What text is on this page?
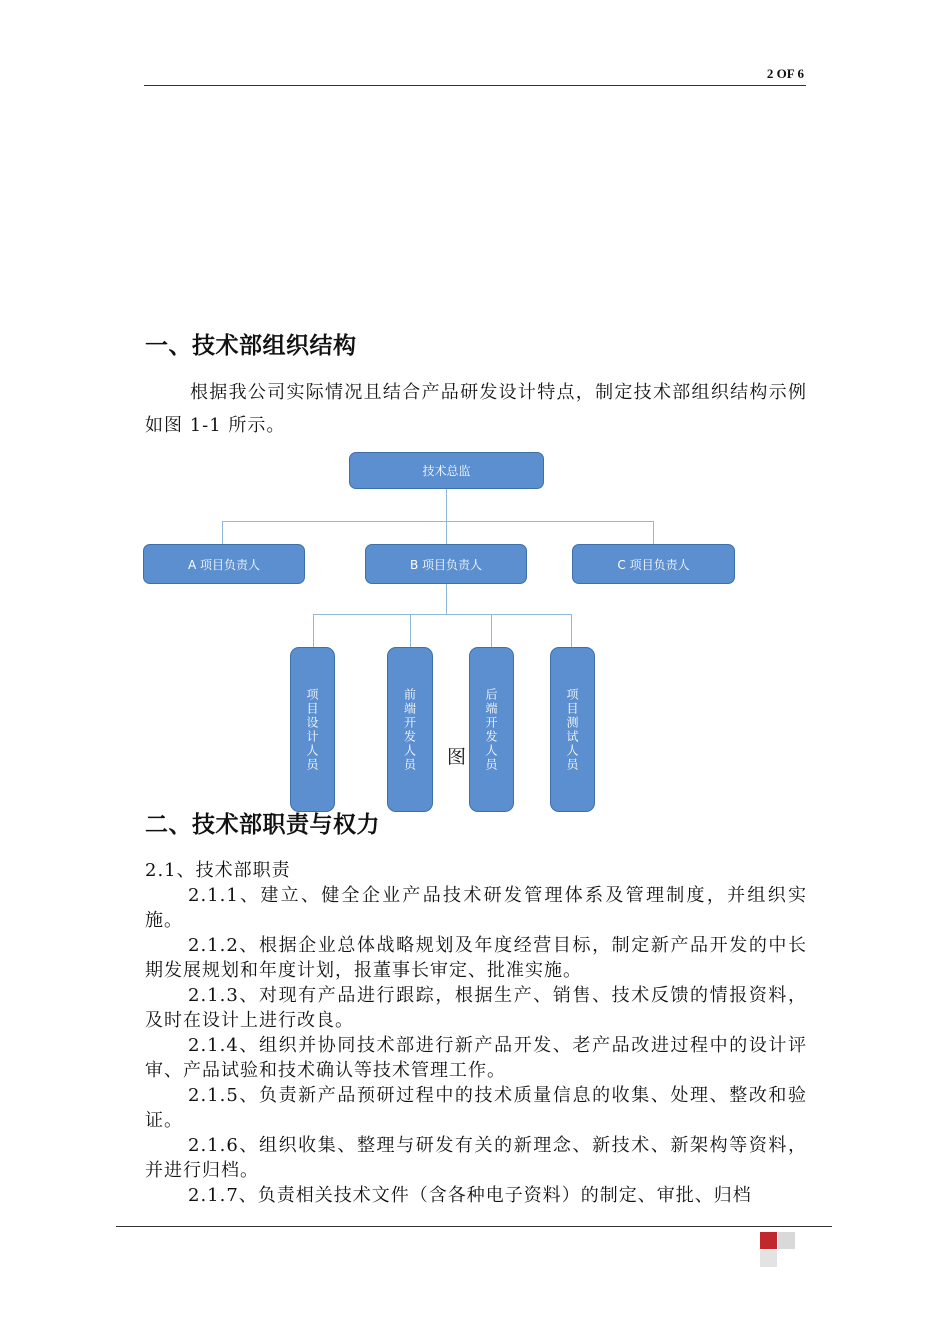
2 OF 6
一、技术部组织结构
根据我公司实际情况且结合产品研发设计特点，制定技术部组织结构示例如图 1-1 所示。
技术总监
A 项目负责人	B 项目负责人	C 项目负责人
项目设计人员	前端开发人员	后端开发人员	项目测试人员
图
二、技术部职责与权力
2.1、技术部职责
2.1.1、建立、健全企业产品技术研发管理体系及管理制度，并组织实施。
2.1.2、根据企业总体战略规划及年度经营目标，制定新产品开发的中长期发展规划和年度计划，报董事长审定、批准实施。
2.1.3、对现有产品进行跟踪，根据生产、销售、技术反馈的情报资料，及时在设计上进行改良。
2.1.4、组织并协同技术部进行新产品开发、老产品改进过程中的设计评审、产品试验和技术确认等技术管理工作。
2.1.5、负责新产品预研过程中的技术质量信息的收集、处理、整改和验证。
2.1.6、组织收集、整理与研发有关的新理念、新技术、新架构等资料，并进行归档。
2.1.7、负责相关技术文件（含各种电子资料）的制定、审批、归档
